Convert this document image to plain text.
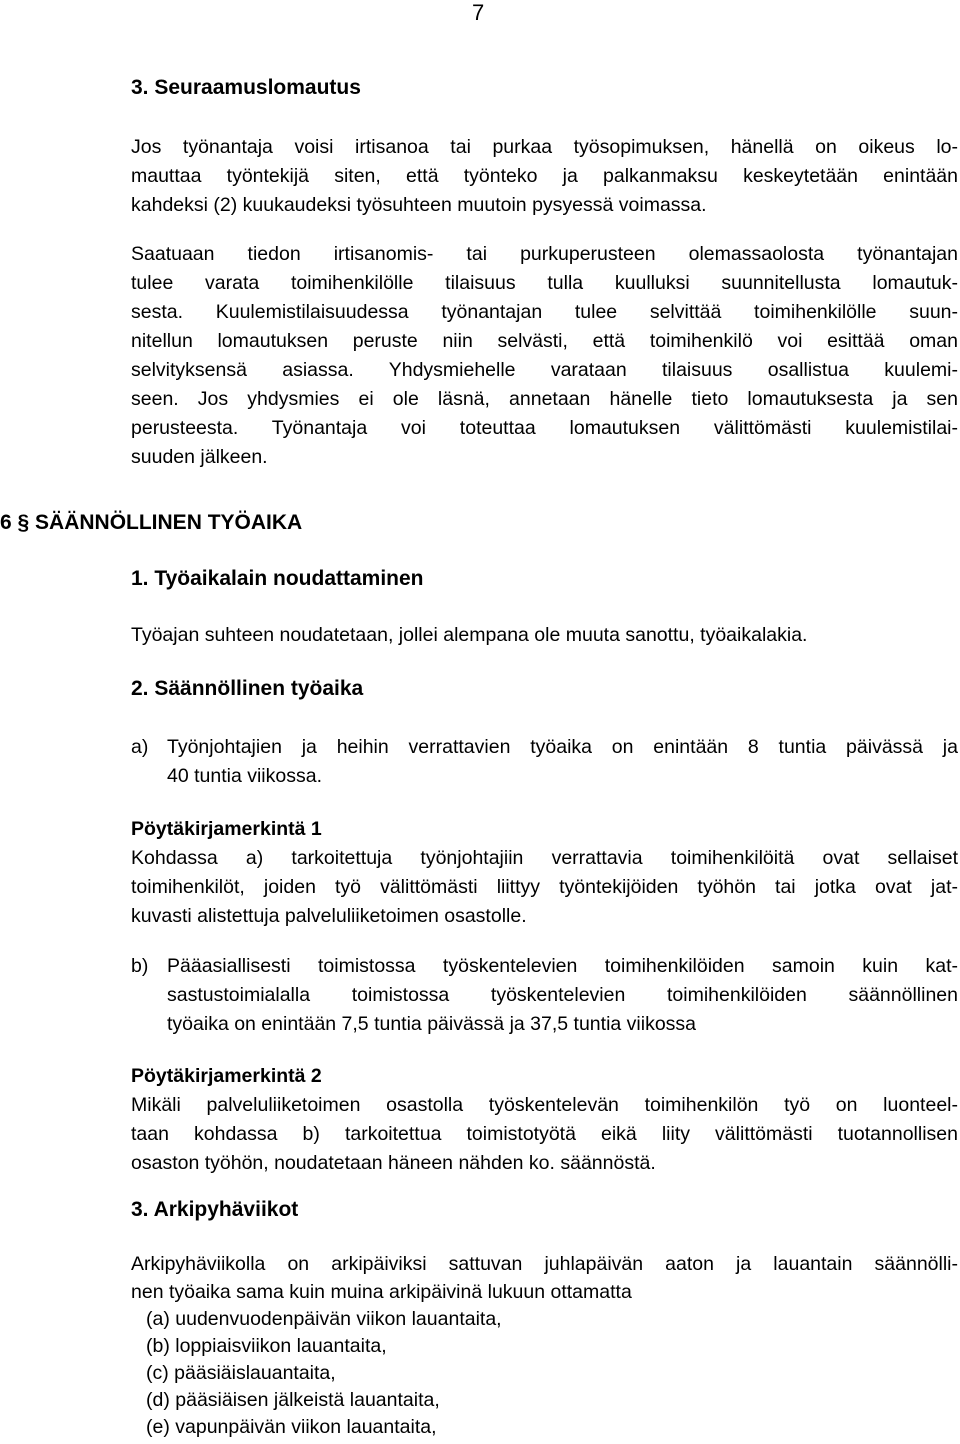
7
3. Seuraamuslomautus
Jos työnantaja voisi irtisanoa tai purkaa työsopimuksen, hänellä on oikeus lo-
mauttaa työntekijä siten, että työnteko ja palkanmaksu keskeytetään enintään
kahdeksi (2) kuukaudeksi työsuhteen muutoin pysyessä voimassa.
Saatuaan tiedon irtisanomis- tai purkuperusteen olemassaolosta työnantajan
tulee varata toimihenkilölle tilaisuus tulla kuulluksi suunnitellusta lomautuk-
sesta. Kuulemistilaisuudessa työnantajan tulee selvittää toimihenkilölle suun-
nitellun lomautuksen peruste niin selvästi, että toimihenkilö voi esittää oman
selvityksensä asiassa. Yhdysmiehelle varataan tilaisuus osallistua kuulemi-
seen. Jos yhdysmies ei ole läsnä, annetaan hänelle tieto lomautuksesta ja sen
perusteesta. Työnantaja voi toteuttaa lomautuksen välittömästi kuulemistilai-
suuden jälkeen.
6 § SÄÄNNÖLLINEN TYÖAIKA
1. Työaikalain noudattaminen
Työajan suhteen noudatetaan, jollei alempana ole muuta sanottu, työaikalakia.
2. Säännöllinen työaika
a) Työnjohtajien ja heihin verrattavien työaika on enintään 8 tuntia päivässä ja
40 tuntia viikossa.
Pöytäkirjamerkintä 1
Kohdassa a) tarkoitettuja työnjohtajiin verrattavia toimihenkilöitä ovat sellaiset
toimihenkilöt, joiden työ välittömästi liittyy työntekijöiden työhön tai jotka ovat jat-
kuvasti alistettuja palveluliiketoimen osastolle.
b) Pääasiallisesti toimistossa työskentelevien toimihenkilöiden samoin kuin kat-
sastustoimialalla toimistossa työskentelevien toimihenkilöiden säännöllinen
työaika on enintään 7,5 tuntia päivässä ja 37,5 tuntia viikossa
Pöytäkirjamerkintä 2
Mikäli palveluliiketoimen osastolla työskentelevän toimihenkilön työ on luonteel-
taan kohdassa b) tarkoitettua toimistotyötä eikä liity välittömästi tuotannollisen
osaston työhön, noudatetaan häneen nähden ko. säännöstä.
3. Arkipyhäviikot
Arkipyhäviikolla on arkipäiviksi sattuvan juhlapäivän aaton ja lauantain säännölli-
nen työaika sama kuin muina arkipäivinä lukuun ottamatta
(a) uudenvuodenpäivän viikon lauantaita,
(b) loppiaisviikon lauantaita,
(c) pääsiäislauantaita,
(d) pääsiäisen jälkeistä lauantaita,
(e) vapunpäivän viikon lauantaita,
